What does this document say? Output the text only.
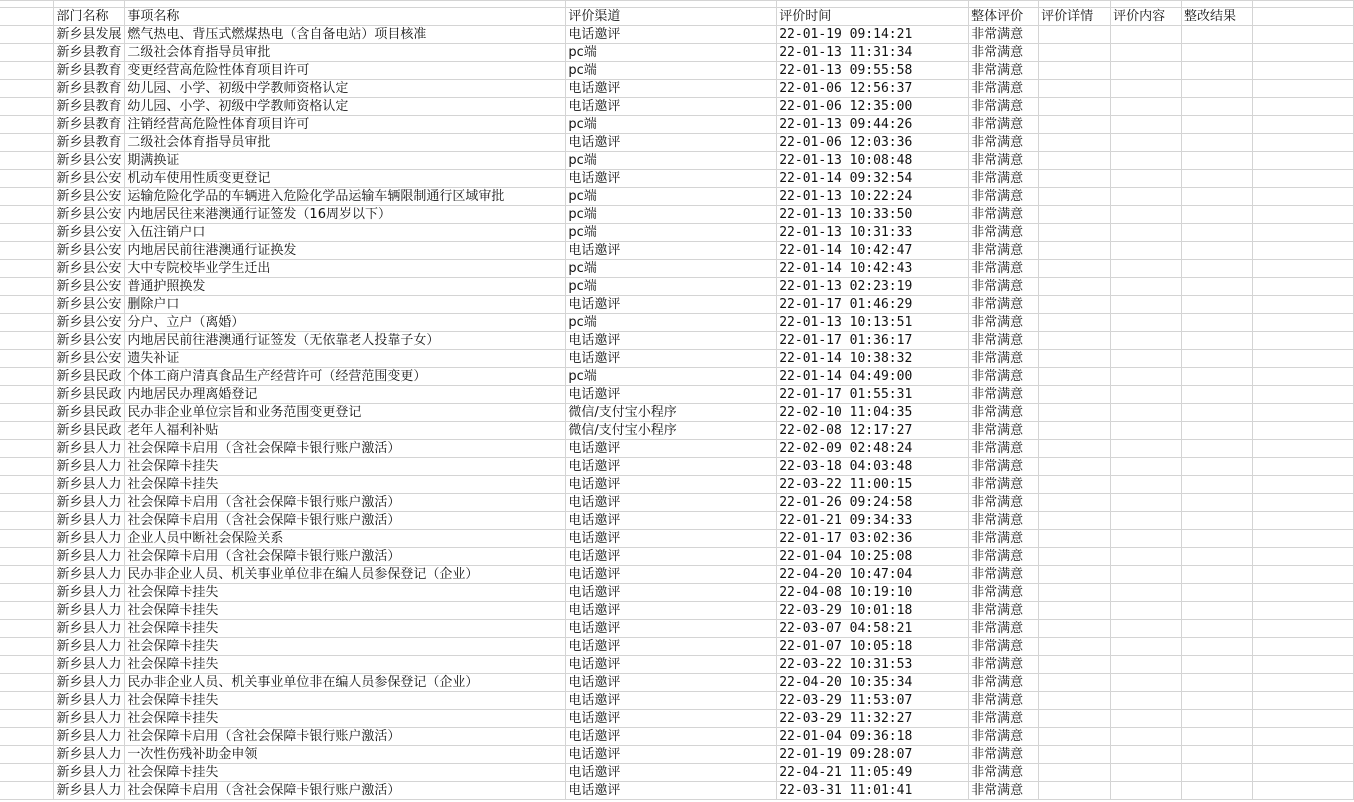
	部门名称	事项名称	评价渠道	评价时间	整体评价	评价详情	评价内容	整改结果	
	新乡县发展	燃气热电、背压式燃煤热电（含自备电站）项目核准	电话邀评	22-01-19 09:14:21	非常满意				
	新乡县教育	二级社会体育指导员审批	pc端	22-01-13 11:31:34	非常满意				
	新乡县教育	变更经营高危险性体育项目许可	pc端	22-01-13 09:55:58	非常满意				
	新乡县教育	幼儿园、小学、初级中学教师资格认定	电话邀评	22-01-06 12:56:37	非常满意				
	新乡县教育	幼儿园、小学、初级中学教师资格认定	电话邀评	22-01-06 12:35:00	非常满意				
	新乡县教育	注销经营高危险性体育项目许可	pc端	22-01-13 09:44:26	非常满意				
	新乡县教育	二级社会体育指导员审批	电话邀评	22-01-06 12:03:36	非常满意				
	新乡县公安	期满换证	pc端	22-01-13 10:08:48	非常满意				
	新乡县公安	机动车使用性质变更登记	电话邀评	22-01-14 09:32:54	非常满意				
	新乡县公安	运输危险化学品的车辆进入危险化学品运输车辆限制通行区域审批	pc端	22-01-13 10:22:24	非常满意				
	新乡县公安	内地居民往来港澳通行证签发（16周岁以下）	pc端	22-01-13 10:33:50	非常满意				
	新乡县公安	入伍注销户口	pc端	22-01-13 10:31:33	非常满意				
	新乡县公安	内地居民前往港澳通行证换发	电话邀评	22-01-14 10:42:47	非常满意				
	新乡县公安	大中专院校毕业学生迁出	pc端	22-01-14 10:42:43	非常满意				
	新乡县公安	普通护照换发	pc端	22-01-13 02:23:19	非常满意				
	新乡县公安	删除户口	电话邀评	22-01-17 01:46:29	非常满意				
	新乡县公安	分户、立户（离婚）	pc端	22-01-13 10:13:51	非常满意				
	新乡县公安	内地居民前往港澳通行证签发（无依靠老人投靠子女）	电话邀评	22-01-17 01:36:17	非常满意				
	新乡县公安	遗失补证	电话邀评	22-01-14 10:38:32	非常满意				
	新乡县民政	个体工商户清真食品生产经营许可（经营范围变更）	pc端	22-01-14 04:49:00	非常满意				
	新乡县民政	内地居民办理离婚登记	电话邀评	22-01-17 01:55:31	非常满意				
	新乡县民政	民办非企业单位宗旨和业务范围变更登记	微信/支付宝小程序	22-02-10 11:04:35	非常满意				
	新乡县民政	老年人福利补贴	微信/支付宝小程序	22-02-08 12:17:27	非常满意				
	新乡县人力	社会保障卡启用（含社会保障卡银行账户激活）	电话邀评	22-02-09 02:48:24	非常满意				
	新乡县人力	社会保障卡挂失	电话邀评	22-03-18 04:03:48	非常满意				
	新乡县人力	社会保障卡挂失	电话邀评	22-03-22 11:00:15	非常满意				
	新乡县人力	社会保障卡启用（含社会保障卡银行账户激活）	电话邀评	22-01-26 09:24:58	非常满意				
	新乡县人力	社会保障卡启用（含社会保障卡银行账户激活）	电话邀评	22-01-21 09:34:33	非常满意				
	新乡县人力	企业人员中断社会保险关系	电话邀评	22-01-17 03:02:36	非常满意				
	新乡县人力	社会保障卡启用（含社会保障卡银行账户激活）	电话邀评	22-01-04 10:25:08	非常满意				
	新乡县人力	民办非企业人员、机关事业单位非在编人员参保登记（企业）	电话邀评	22-04-20 10:47:04	非常满意				
	新乡县人力	社会保障卡挂失	电话邀评	22-04-08 10:19:10	非常满意				
	新乡县人力	社会保障卡挂失	电话邀评	22-03-29 10:01:18	非常满意				
	新乡县人力	社会保障卡挂失	电话邀评	22-03-07 04:58:21	非常满意				
	新乡县人力	社会保障卡挂失	电话邀评	22-01-07 10:05:18	非常满意				
	新乡县人力	社会保障卡挂失	电话邀评	22-03-22 10:31:53	非常满意				
	新乡县人力	民办非企业人员、机关事业单位非在编人员参保登记（企业）	电话邀评	22-04-20 10:35:34	非常满意				
	新乡县人力	社会保障卡挂失	电话邀评	22-03-29 11:53:07	非常满意				
	新乡县人力	社会保障卡挂失	电话邀评	22-03-29 11:32:27	非常满意				
	新乡县人力	社会保障卡启用（含社会保障卡银行账户激活）	电话邀评	22-01-04 09:36:18	非常满意				
	新乡县人力	一次性伤残补助金申领	电话邀评	22-01-19 09:28:07	非常满意				
	新乡县人力	社会保障卡挂失	电话邀评	22-04-21 11:05:49	非常满意				
	新乡县人力	社会保障卡启用（含社会保障卡银行账户激活）	电话邀评	22-03-31 11:01:41	非常满意				
